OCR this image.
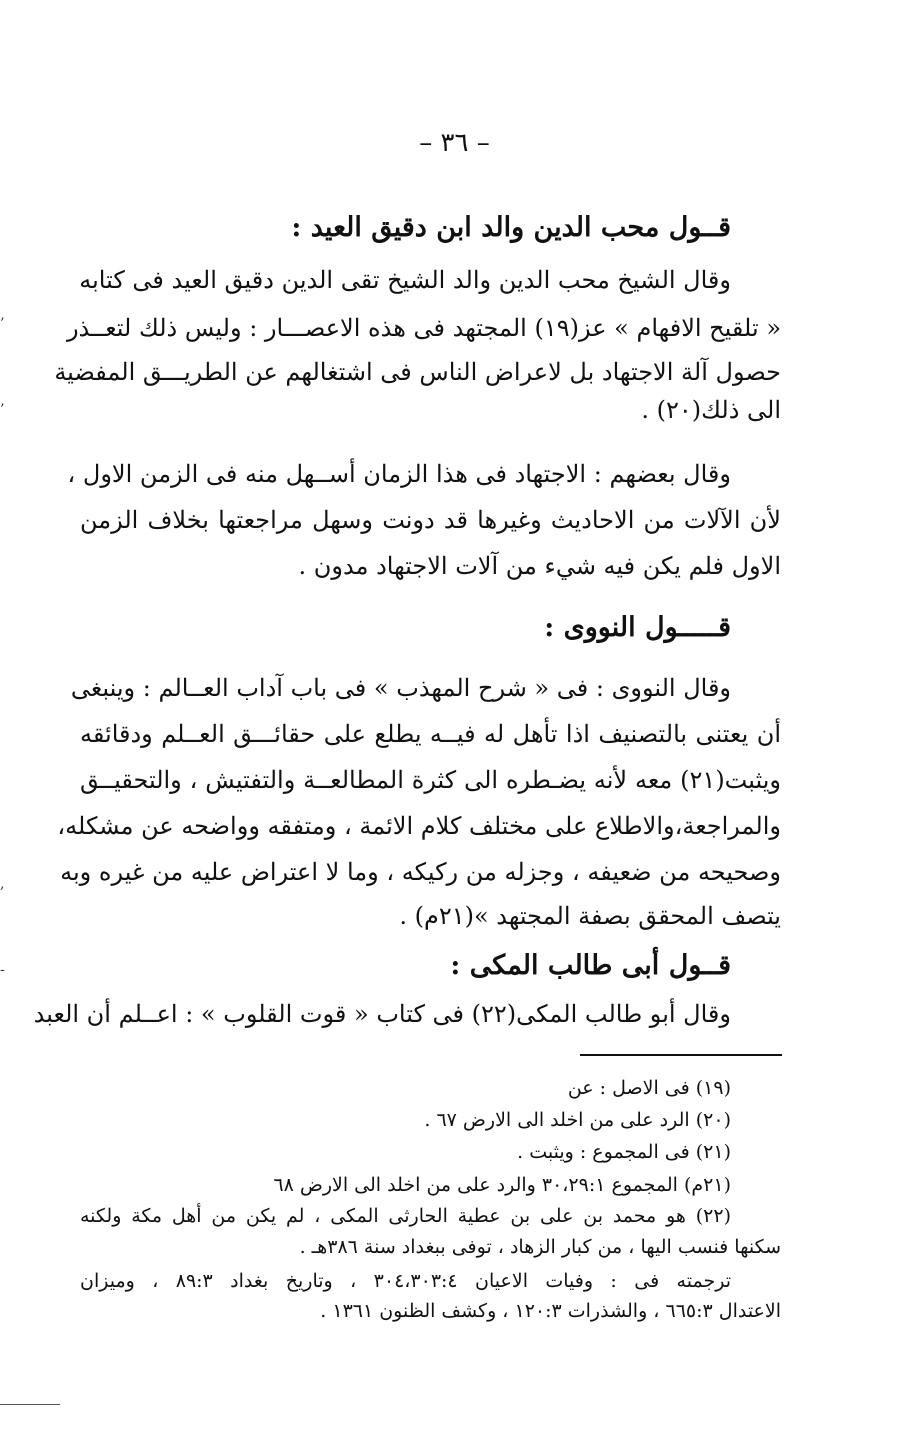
– ٣٦ –
قــول محب الدين والد ابن دقيق العيد :
وقال الشيخ محب الدين والد الشيخ تقى الدين دقيق العيد فى كتابه
« تلقيح الافهام » عز(١٩) المجتهد فى هذه الاعصـــار : وليس ذلك لتعــذر
حصول آلة الاجتهاد بل لاعراض الناس فى اشتغالهم عن الطريـــق المفضية
الى ذلك(٢٠) .
وقال بعضهم : الاجتهاد فى هذا الزمان أســهل منه فى الزمن الاول ،
لأن الآلات من الاحاديث وغيرها قد دونت وسهل مراجعتها بخلاف الزمن
الاول فلم يكن فيه شيء من آلات الاجتهاد مدون .
قـــــول النووى :
وقال النووى : فى « شرح المهذب » فى باب آداب العــالم : وينبغى
أن يعتنى بالتصنيف اذا تأهل له فيــه يطلع على حقائـــق العــلم ودقائقه
ويثبت(٢١) معه لأنه يضـطره الى كثرة المطالعــة والتفتيش ، والتحقيــق
والمراجعة،والاطلاع على مختلف كلام الائمة ، ومتفقه وواضحه عن مشكله،
وصحيحه من ضعيفه ، وجزله من ركيكه ، وما لا اعتراض عليه من غيره وبه
يتصف المحقق بصفة المجتهد »(٢١م) .
قــول أبى طالب المكى :
وقال أبو طالب المكى(٢٢) فى كتاب « قوت القلوب » : اعــلم أن العبد
(١٩) فى الاصل : عن
(٢٠) الرد على من اخلد الى الارض ٦٧ .
(٢١) فى المجموع : ويثبت .
(٢١م) المجموع ٣٠،٢٩:١ والرد على من اخلد الى الارض ٦٨
(٢٢) هو محمد بن على بن عطية الحارثى المكى ، لم يكن من أهل مكة ولكنه
سكنها فنسب اليها ، من كبار الزهاد ، توفى ببغداد سنة ٣٨٦هـ .
ترجمته فى : وفيات الاعيان ٣٠٤،٣٠٣:٤ ، وتاريخ بغداد ٨٩:٣ ، وميزان
الاعتدال ٦٦٥:٣ ، والشذرات ١٢٠:٣ ، وكشف الظنون ١٣٦١ .
’
’
,
-
